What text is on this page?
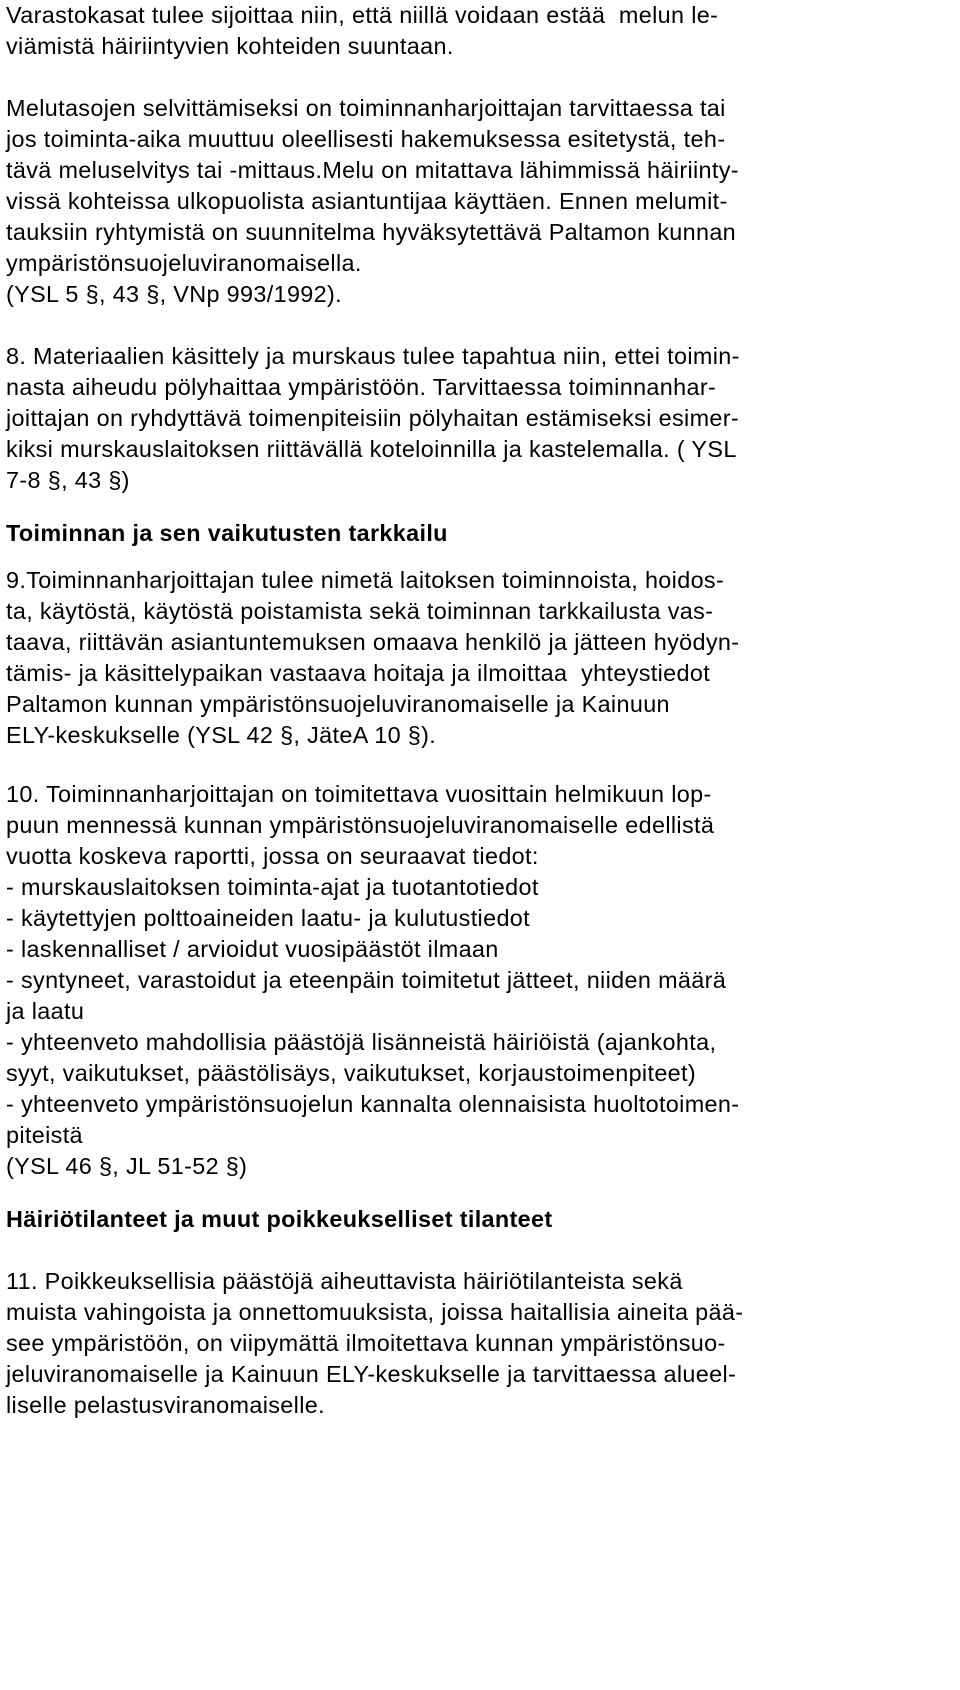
Varastokasat tulee sijoittaa niin, että niillä voidaan estää  melun le-
viämistä häiriintyvien kohteiden suuntaan.
Melutasojen selvittämiseksi on toiminnanharjoittajan tarvittaessa tai
jos toiminta-aika muuttuu oleellisesti hakemuksessa esitetystä, teh-
tävä meluselvitys tai -mittaus.Melu on mitattava lähimmissä häiriinty-
vissä kohteissa ulkopuolista asiantuntijaa käyttäen. Ennen melumit-
tauksiin ryhtymistä on suunnitelma hyväksytettävä Paltamon kunnan
ympäristönsuojeluviranomaisella.
(YSL 5 §, 43 §, VNp 993/1992).
8. Materiaalien käsittely ja murskaus tulee tapahtua niin, ettei toimin-
nasta aiheudu pölyhaittaa ympäristöön. Tarvittaessa toiminnanhar-
joittajan on ryhdyttävä toimenpiteisiin pölyhaitan estämiseksi esimer-
kiksi murskauslaitoksen riittävällä koteloinnilla ja kastelemalla. ( YSL
7-8 §, 43 §)
Toiminnan ja sen vaikutusten tarkkailu
9.Toiminnanharjoittajan tulee nimetä laitoksen toiminnoista, hoidos-
ta, käytöstä, käytöstä poistamista sekä toiminnan tarkkailusta vas-
taava, riittävän asiantuntemuksen omaava henkilö ja jätteen hyödyn-
tämis- ja käsittelypaikan vastaava hoitaja ja ilmoittaa  yhteystiedot
Paltamon kunnan ympäristönsuojeluviranomaiselle ja Kainuun
ELY-keskukselle (YSL 42 §, JäteA 10 §).
10. Toiminnanharjoittajan on toimitettava vuosittain helmikuun lop-
puun mennessä kunnan ympäristönsuojeluviranomaiselle edellistä
vuotta koskeva raportti, jossa on seuraavat tiedot:
- murskauslaitoksen toiminta-ajat ja tuotantotiedot
- käytettyjen polttoaineiden laatu- ja kulutustiedot
- laskennalliset / arvioidut vuosipäästöt ilmaan
- syntyneet, varastoidut ja eteenpäin toimitetut jätteet, niiden määrä
ja laatu
- yhteenveto mahdollisia päästöjä lisänneistä häiriöistä (ajankohta,
syyt, vaikutukset, päästölisäys, vaikutukset, korjaustoimenpiteet)
- yhteenveto ympäristönsuojelun kannalta olennaisista huoltotoimen-
piteistä
(YSL 46 §, JL 51-52 §)
Häiriötilanteet ja muut poikkeukselliset tilanteet
11. Poikkeuksellisia päästöjä aiheuttavista häiriötilanteista sekä
muista vahingoista ja onnettomuuksista, joissa haitallisia aineita pää-
see ympäristöön, on viipymättä ilmoitettava kunnan ympäristönsuo-
jeluviranomaiselle ja Kainuun ELY-keskukselle ja tarvittaessa alueel-
liselle pelastusviranomaiselle.
